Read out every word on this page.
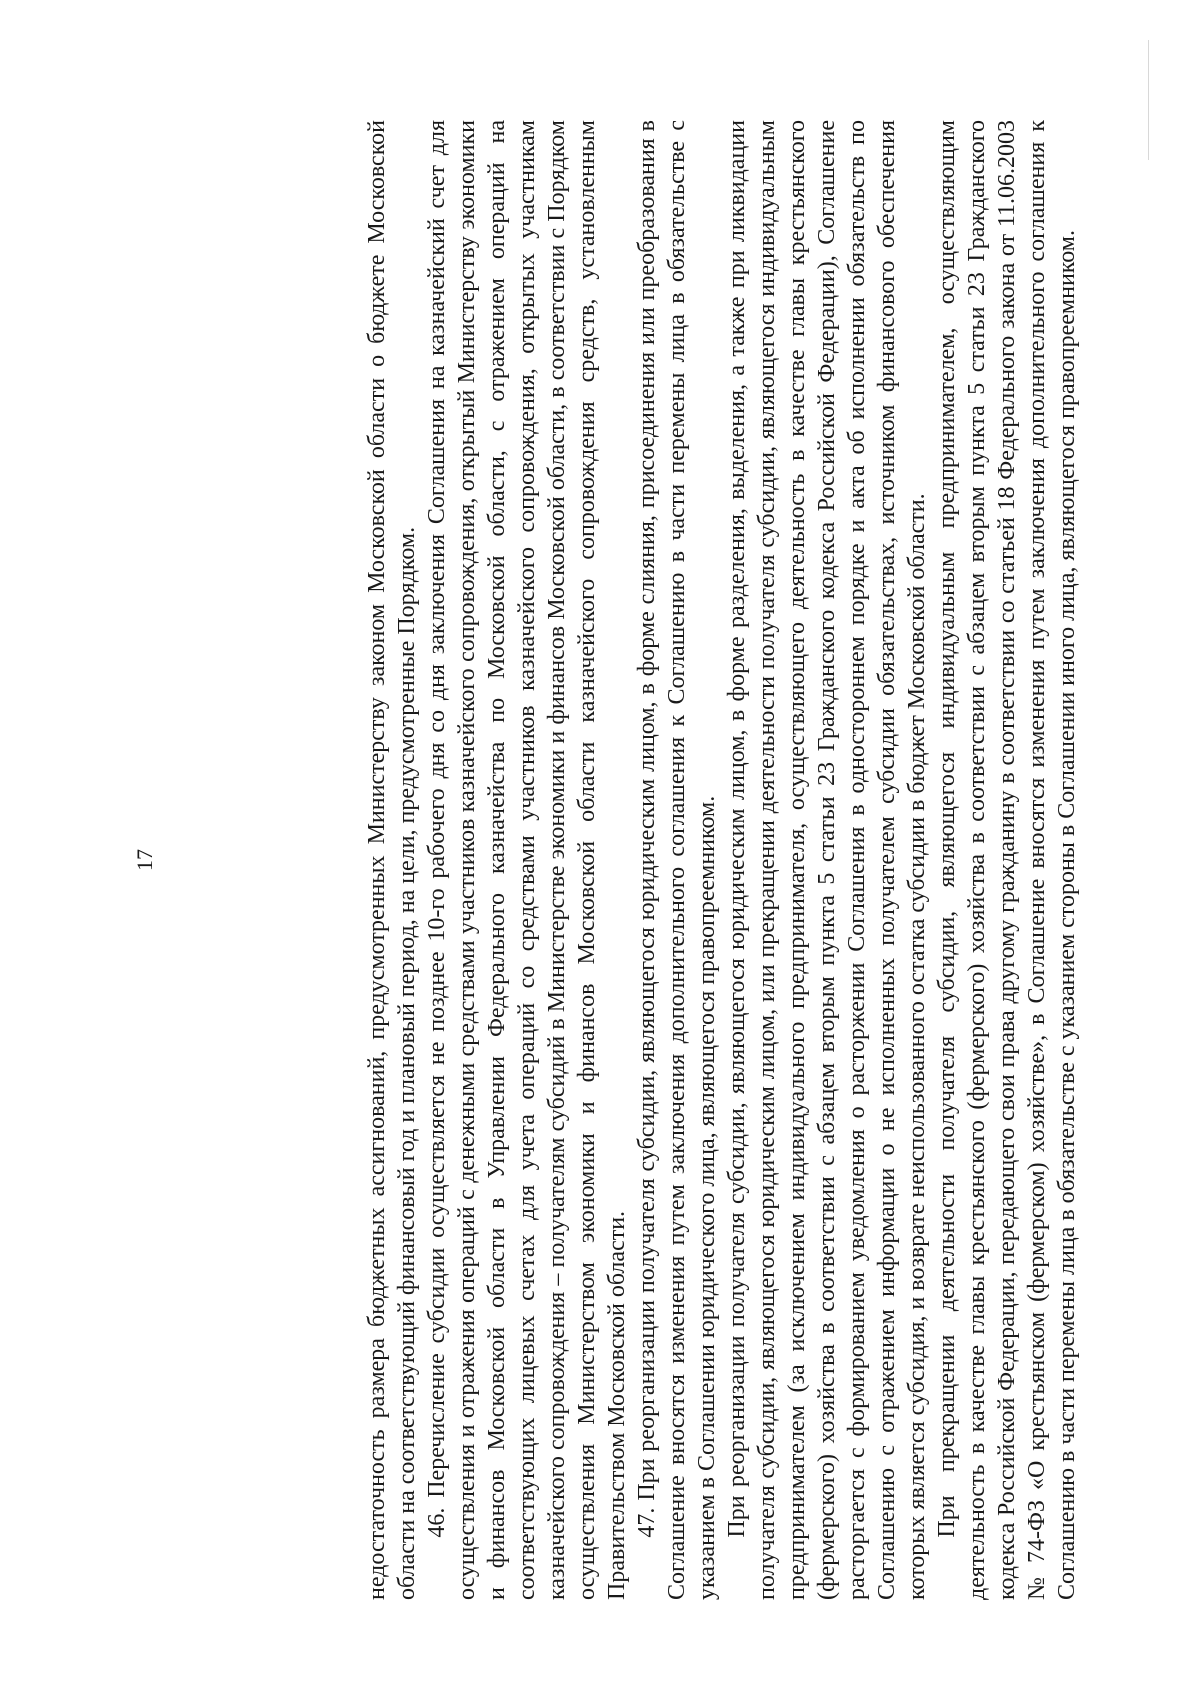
17	недостаточность размера бюджетных ассигнований, предусмотренных Министерству законом Московской области о бюджете Московской области на соответствующий финансовый год и плановый период, на цели, предусмотренные Порядком. 46. Перечисление субсидии осуществляется не позднее 10-го рабочего дня со дня заключения Соглашения на казначейский счет для осуществления и отражения операций с денежными средствами участников казначейского сопровождения, открытый Министерству экономики и финансов Московской области в Управлении Федерального казначейства по Московской области, с отражением операций на соответствующих лицевых счетах для учета операций со средствами участников казначейского сопровождения, открытых участникам казначейского сопровождения – получателям субсидий в Министерстве экономики и финансов Московской области, в соответствии с Порядком осуществления Министерством экономики и финансов Московской области казначейского сопровождения средств, установленным Правительством Московской области. 47. При реорганизации получателя субсидии, являющегося юридическим лицом, в форме слияния, присоединения или преобразования в Соглашение вносятся изменения путем заключения дополнительного соглашения к Соглашению в части перемены лица в обязательстве с указанием в Соглашении юридического лица, являющегося правопреемником. При реорганизации получателя субсидии, являющегося юридическим лицом, в форме разделения, выделения, а также при ликвидации получателя субсидии, являющегося юридическим лицом, или прекращении деятельности получателя субсидии, являющегося индивидуальным предпринимателем (за исключением индивидуального предпринимателя, осуществляющего деятельность в качестве главы крестьянского (фермерского) хозяйства в соответствии с абзацем вторым пункта 5 статьи 23 Гражданского кодекса Российской Федерации), Соглашение расторгается с формированием уведомления о расторжении Соглашения в одностороннем порядке и акта об исполнении обязательств по Соглашению с отражением информации о не исполненных получателем субсидии обязательствах, источником финансового обеспечения которых является субсидия, и возврате неиспользованного остатка субсидии в бюджет Московской области. При прекращении деятельности получателя субсидии, являющегося индивидуальным предпринимателем, осуществляющим деятельность в качестве главы крестьянского (фермерского) хозяйства в соответствии с абзацем вторым пункта 5 статьи 23 Гражданского кодекса Российской Федерации, передающего свои права другому гражданину в соответствии со статьей 18 Федерального закона от 11.06.2003 № 74-ФЗ «О крестьянском (фермерском) хозяйстве», в Соглашение вносятся изменения путем заключения дополнительного соглашения к Соглашению в части перемены лица в обязательстве с указанием стороны в Соглашении иного лица, являющегося правопреемником.
